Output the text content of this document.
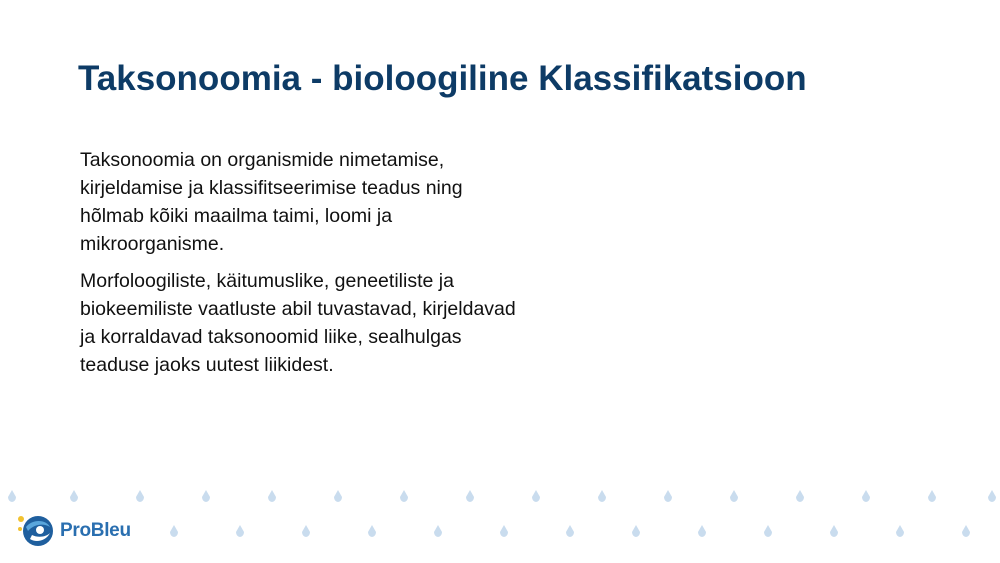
Taksonoomia - bioloogiline Klassifikatsioon

Taksonoomia on organismide nimetamise, kirjeldamise ja klassifitseerimise teadus ning hõlmab kõiki maailma taimi, loomi ja mikroorganisme.

Morfoloogiliste, käitumuslike, geneetiliste ja biokeemiliste vaatluste abil tuvastavad, kirjeldavad ja korraldavad taksonoomid liike, sealhulgas teaduse jaoks uutest liikidest.

ProBleu
